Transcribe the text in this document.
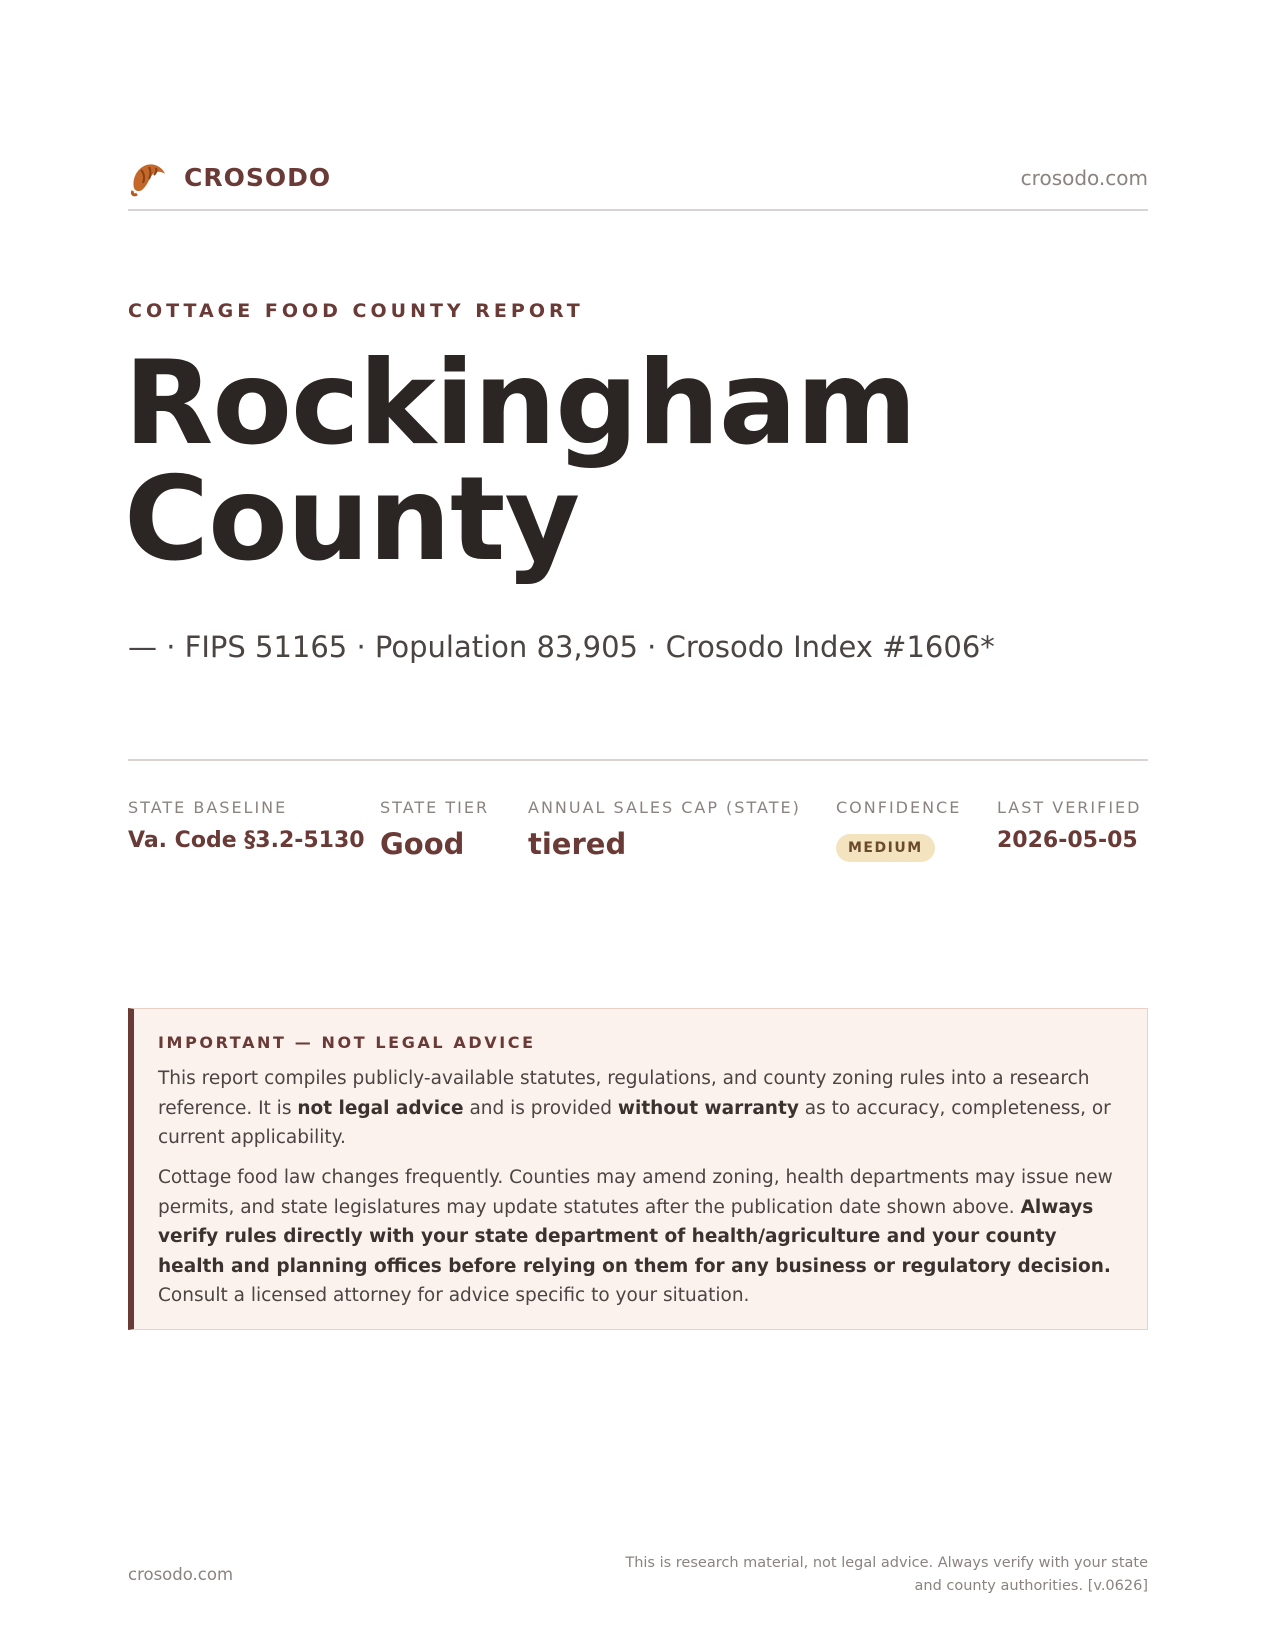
CROSODO	crosodo.com
COTTAGE FOOD COUNTY REPORT
Rockingham
County
— · FIPS 51165 · Population 83,905 · Crosodo Index #1606*
STATE BASELINE
Va. Code §3.2-5130
STATE TIER
Good
ANNUAL SALES CAP (STATE)
tiered
CONFIDENCE
MEDIUM
LAST VERIFIED
2026-05-05
IMPORTANT — NOT LEGAL ADVICE

This report compiles publicly-available statutes, regulations, and county zoning rules into a research reference. It is not legal advice and is provided without warranty as to accuracy, completeness, or current applicability.

Cottage food law changes frequently. Counties may amend zoning, health departments may issue new permits, and state legislatures may update statutes after the publication date shown above. Always verify rules directly with your state department of health/agriculture and your county health and planning offices before relying on them for any business or regulatory decision. Consult a licensed attorney for advice specific to your situation.

crosodo.com
This is research material, not legal advice. Always verify with your state
and county authorities. [v.0626]
